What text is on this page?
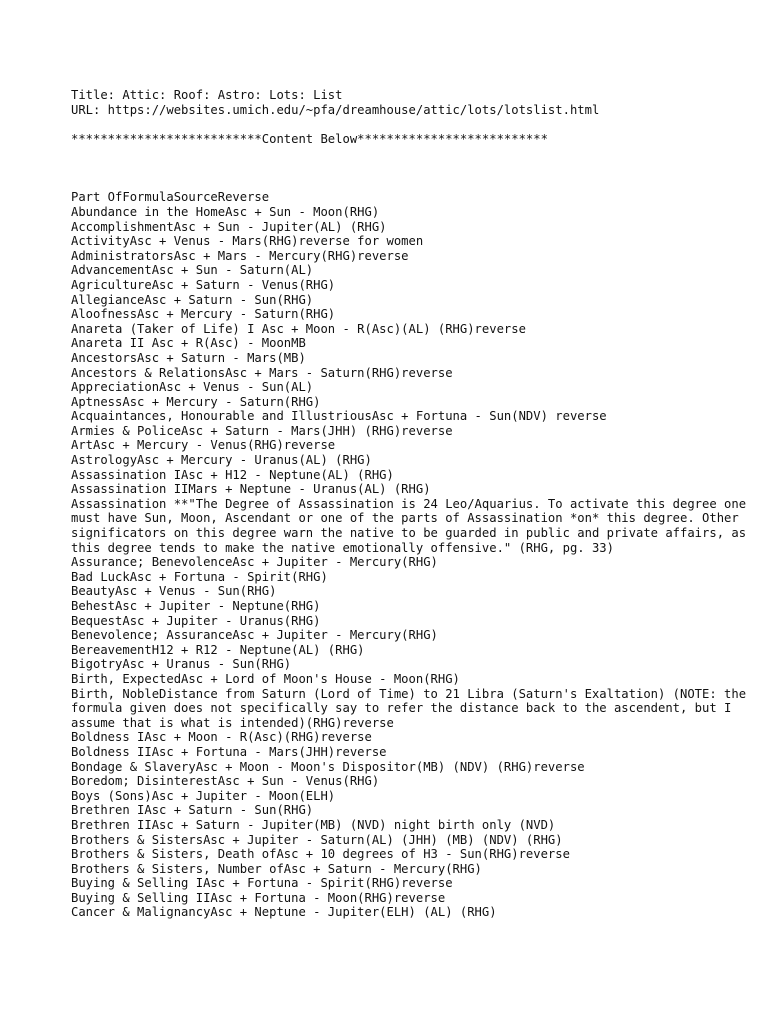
Title: Attic: Roof: Astro: Lots: List
URL: https://websites.umich.edu/~pfa/dreamhouse/attic/lots/lotslist.html
**************************Content Below**************************
Part OfFormulaSourceReverse
Abundance in the HomeAsc + Sun - Moon(RHG)
AccomplishmentAsc + Sun - Jupiter(AL) (RHG)
ActivityAsc + Venus - Mars(RHG)reverse for women
AdministratorsAsc + Mars - Mercury(RHG)reverse
AdvancementAsc + Sun - Saturn(AL)
AgricultureAsc + Saturn - Venus(RHG)
AllegianceAsc + Saturn - Sun(RHG)
AloofnessAsc + Mercury - Saturn(RHG)
Anareta (Taker of Life) I Asc + Moon - R(Asc)(AL) (RHG)reverse
Anareta II Asc + R(Asc) - MoonMB
AncestorsAsc + Saturn - Mars(MB)
Ancestors & RelationsAsc + Mars - Saturn(RHG)reverse
AppreciationAsc + Venus - Sun(AL)
AptnessAsc + Mercury - Saturn(RHG)
Acquaintances, Honourable and IllustriousAsc + Fortuna - Sun(NDV) reverse
Armies & PoliceAsc + Saturn - Mars(JHH) (RHG)reverse
ArtAsc + Mercury - Venus(RHG)reverse
AstrologyAsc + Mercury - Uranus(AL) (RHG)
Assassination IAsc + H12 - Neptune(AL) (RHG)
Assassination IIMars + Neptune - Uranus(AL) (RHG)
Assassination **"The Degree of Assassination is 24 Leo/Aquarius. To activate this degree one must have Sun, Moon, Ascendant or one of the parts of Assassination *on* this degree. Other significators on this degree warn the native to be guarded in public and private affairs, as this degree tends to make the native emotionally offensive." (RHG, pg. 33)
Assurance; BenevolenceAsc + Jupiter - Mercury(RHG)
Bad LuckAsc + Fortuna - Spirit(RHG)
BeautyAsc + Venus - Sun(RHG)
BehestAsc + Jupiter - Neptune(RHG)
BequestAsc + Jupiter - Uranus(RHG)
Benevolence; AssuranceAsc + Jupiter - Mercury(RHG)
BereavementH12 + R12 - Neptune(AL) (RHG)
BigotryAsc + Uranus - Sun(RHG)
Birth, ExpectedAsc + Lord of Moon's House - Moon(RHG)
Birth, NobleDistance from Saturn (Lord of Time) to 21 Libra (Saturn's Exaltation) (NOTE: the formula given does not specifically say to refer the distance back to the ascendent, but I assume that is what is intended)(RHG)reverse
Boldness IAsc + Moon - R(Asc)(RHG)reverse
Boldness IIAsc + Fortuna - Mars(JHH)reverse
Bondage & SlaveryAsc + Moon - Moon's Dispositor(MB) (NDV) (RHG)reverse
Boredom; DisinterestAsc + Sun - Venus(RHG)
Boys (Sons)Asc + Jupiter - Moon(ELH)
Brethren IAsc + Saturn - Sun(RHG)
Brethren IIAsc + Saturn - Jupiter(MB) (NVD) night birth only (NVD)
Brothers & SistersAsc + Jupiter - Saturn(AL) (JHH) (MB) (NDV) (RHG)
Brothers & Sisters, Death ofAsc + 10 degrees of H3 - Sun(RHG)reverse
Brothers & Sisters, Number ofAsc + Saturn - Mercury(RHG)
Buying & Selling IAsc + Fortuna - Spirit(RHG)reverse
Buying & Selling IIAsc + Fortuna - Moon(RHG)reverse
Cancer & MalignancyAsc + Neptune - Jupiter(ELH) (AL) (RHG)
